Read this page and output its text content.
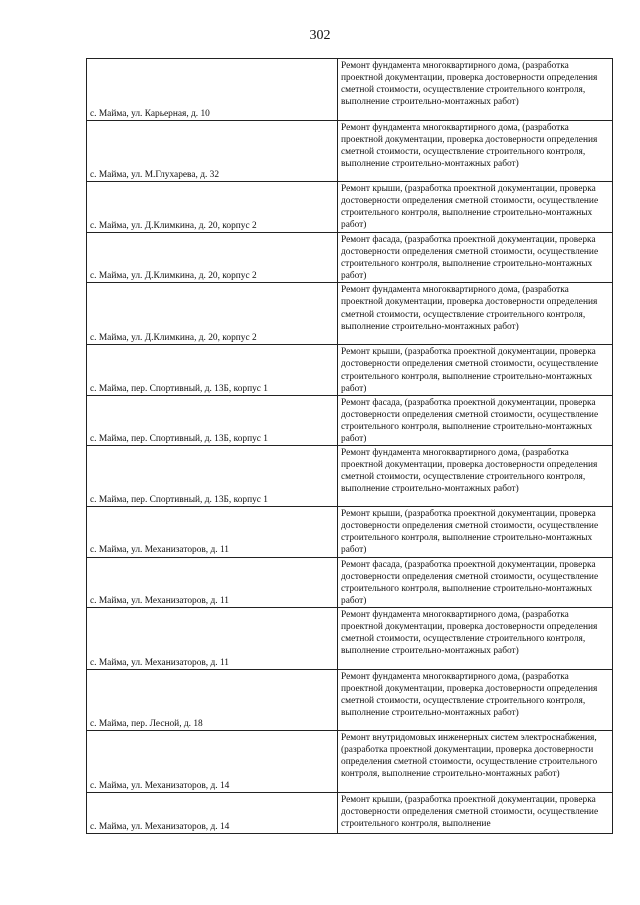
302
с. Майма, ул. Карьерная, д. 10	Ремонт фундамента многоквартирного дома, (разработка проектной документации, проверка достоверности определения сметной стоимости, осуществление строительного контроля, выполнение строительно-монтажных работ)
с. Майма, ул. М.Глухарева, д. 32	Ремонт фундамента многоквартирного дома, (разработка проектной документации, проверка достоверности определения сметной стоимости, осуществление строительного контроля, выполнение строительно-монтажных работ)
с. Майма, ул. Д.Климкина, д. 20, корпус 2	Ремонт крыши, (разработка проектной документации, проверка достоверности определения сметной стоимости, осуществление строительного контроля, выполнение строительно-монтажных работ)
с. Майма, ул. Д.Климкина, д. 20, корпус 2	Ремонт фасада, (разработка проектной документации, проверка достоверности определения сметной стоимости, осуществление строительного контроля, выполнение строительно-монтажных работ)
с. Майма, ул. Д.Климкина, д. 20, корпус 2	Ремонт фундамента многоквартирного дома, (разработка проектной документации, проверка достоверности определения сметной стоимости, осуществление строительного контроля, выполнение строительно-монтажных работ)
с. Майма, пер. Спортивный, д. 13Б, корпус 1	Ремонт крыши, (разработка проектной документации, проверка достоверности определения сметной стоимости, осуществление строительного контроля, выполнение строительно-монтажных работ)
с. Майма, пер. Спортивный, д. 13Б, корпус 1	Ремонт фасада, (разработка проектной документации, проверка достоверности определения сметной стоимости, осуществление строительного контроля, выполнение строительно-монтажных работ)
с. Майма, пер. Спортивный, д. 13Б, корпус 1	Ремонт фундамента многоквартирного дома, (разработка проектной документации, проверка достоверности определения сметной стоимости, осуществление строительного контроля, выполнение строительно-монтажных работ)
с. Майма, ул. Механизаторов, д. 11	Ремонт крыши, (разработка проектной документации, проверка достоверности определения сметной стоимости, осуществление строительного контроля, выполнение строительно-монтажных работ)
с. Майма, ул. Механизаторов, д. 11	Ремонт фасада, (разработка проектной документации, проверка достоверности определения сметной стоимости, осуществление строительного контроля, выполнение строительно-монтажных работ)
с. Майма, ул. Механизаторов, д. 11	Ремонт фундамента многоквартирного дома, (разработка проектной документации, проверка достоверности определения сметной стоимости, осуществление строительного контроля, выполнение строительно-монтажных работ)
с. Майма, пер. Лесной, д. 18	Ремонт фундамента многоквартирного дома, (разработка проектной документации, проверка достоверности определения сметной стоимости, осуществление строительного контроля, выполнение строительно-монтажных работ)
с. Майма, ул. Механизаторов, д. 14	Ремонт внутридомовых инженерных систем электроснабжения, (разработка проектной документации, проверка достоверности определения сметной стоимости, осуществление строительного контроля, выполнение строительно-монтажных работ)
с. Майма, ул. Механизаторов, д. 14	Ремонт крыши, (разработка проектной документации, проверка достоверности определения сметной стоимости, осуществление строительного контроля, выполнение
